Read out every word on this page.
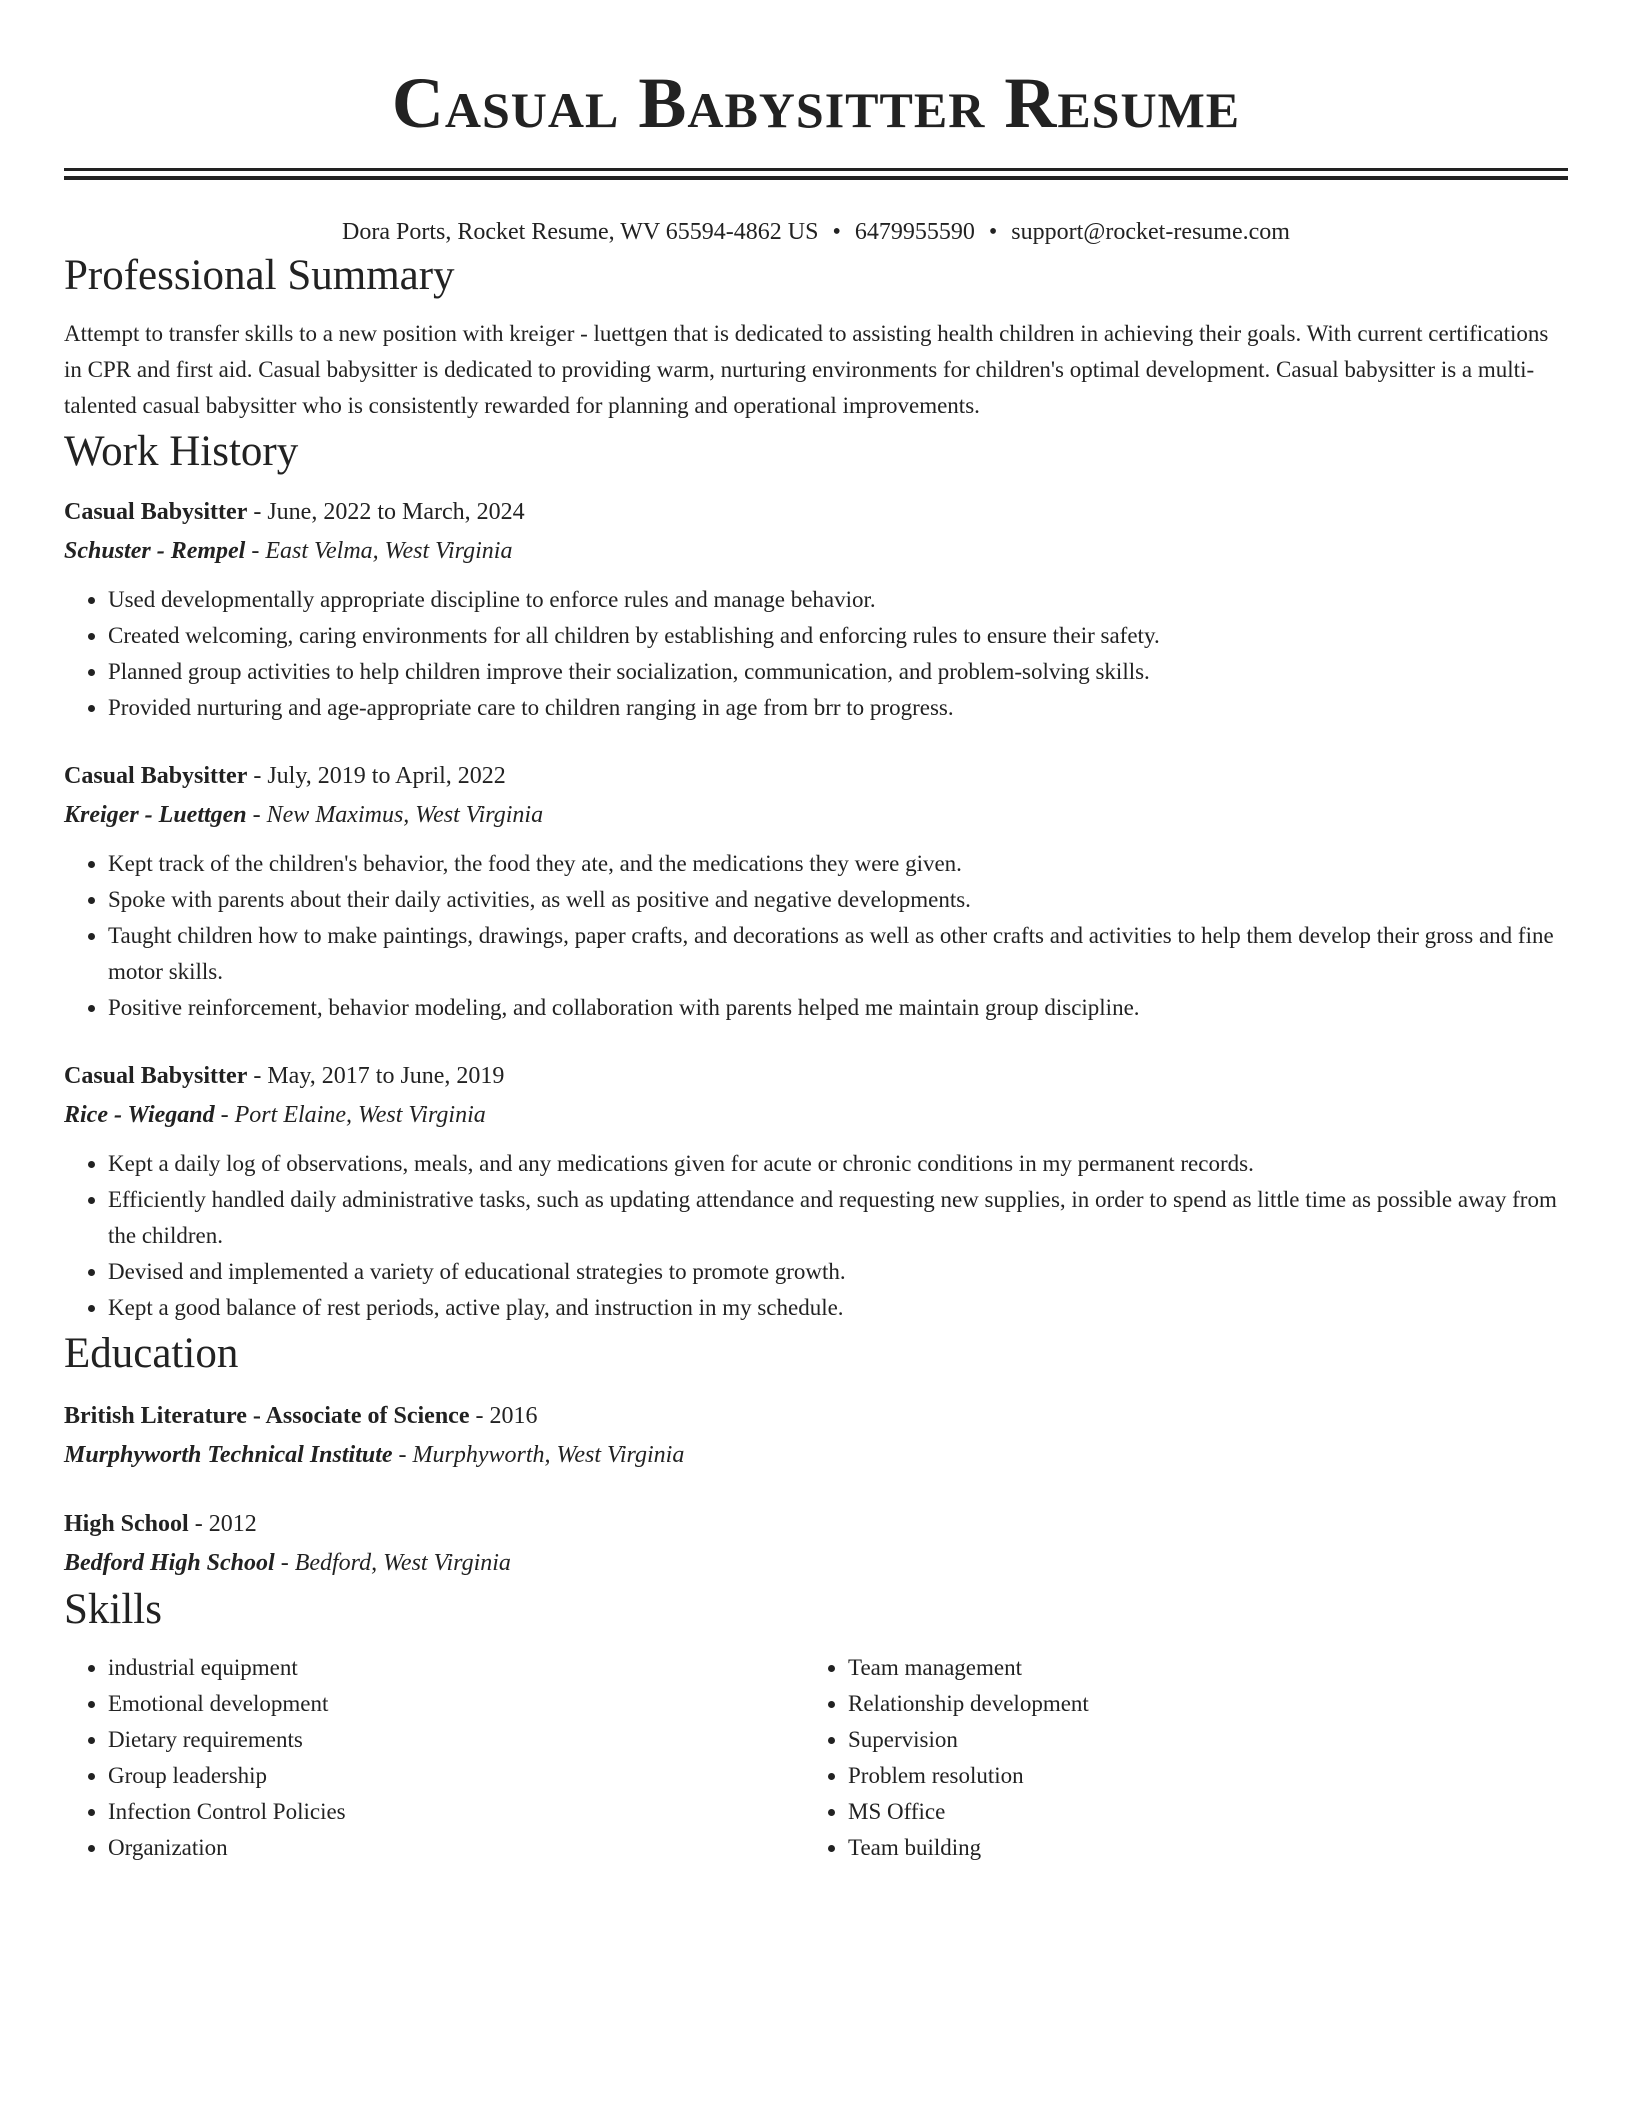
Casual Babysitter Resume
Dora Ports, Rocket Resume, WV 65594-4862 US • 6479955590 • support@rocket-resume.com
Professional Summary
Attempt to transfer skills to a new position with kreiger - luettgen that is dedicated to assisting health children in achieving their goals. With current certifications in CPR and first aid. Casual babysitter is dedicated to providing warm, nurturing environments for children's optimal development. Casual babysitter is a multi-talented casual babysitter who is consistently rewarded for planning and operational improvements.
Work History
Casual Babysitter - June, 2022 to March, 2024
Schuster - Rempel - East Velma, West Virginia
• Used developmentally appropriate discipline to enforce rules and manage behavior.
• Created welcoming, caring environments for all children by establishing and enforcing rules to ensure their safety.
• Planned group activities to help children improve their socialization, communication, and problem-solving skills.
• Provided nurturing and age-appropriate care to children ranging in age from brr to progress.
Casual Babysitter - July, 2019 to April, 2022
Kreiger - Luettgen - New Maximus, West Virginia
• Kept track of the children's behavior, the food they ate, and the medications they were given.
• Spoke with parents about their daily activities, as well as positive and negative developments.
• Taught children how to make paintings, drawings, paper crafts, and decorations as well as other crafts and activities to help them develop their gross and fine motor skills.
• Positive reinforcement, behavior modeling, and collaboration with parents helped me maintain group discipline.
Casual Babysitter - May, 2017 to June, 2019
Rice - Wiegand - Port Elaine, West Virginia
• Kept a daily log of observations, meals, and any medications given for acute or chronic conditions in my permanent records.
• Efficiently handled daily administrative tasks, such as updating attendance and requesting new supplies, in order to spend as little time as possible away from the children.
• Devised and implemented a variety of educational strategies to promote growth.
• Kept a good balance of rest periods, active play, and instruction in my schedule.
Education
British Literature - Associate of Science - 2016
Murphyworth Technical Institute - Murphyworth, West Virginia
High School - 2012
Bedford High School - Bedford, West Virginia
Skills
• industrial equipment
• Emotional development
• Dietary requirements
• Group leadership
• Infection Control Policies
• Organization
• Team management
• Relationship development
• Supervision
• Problem resolution
• MS Office
• Team building
